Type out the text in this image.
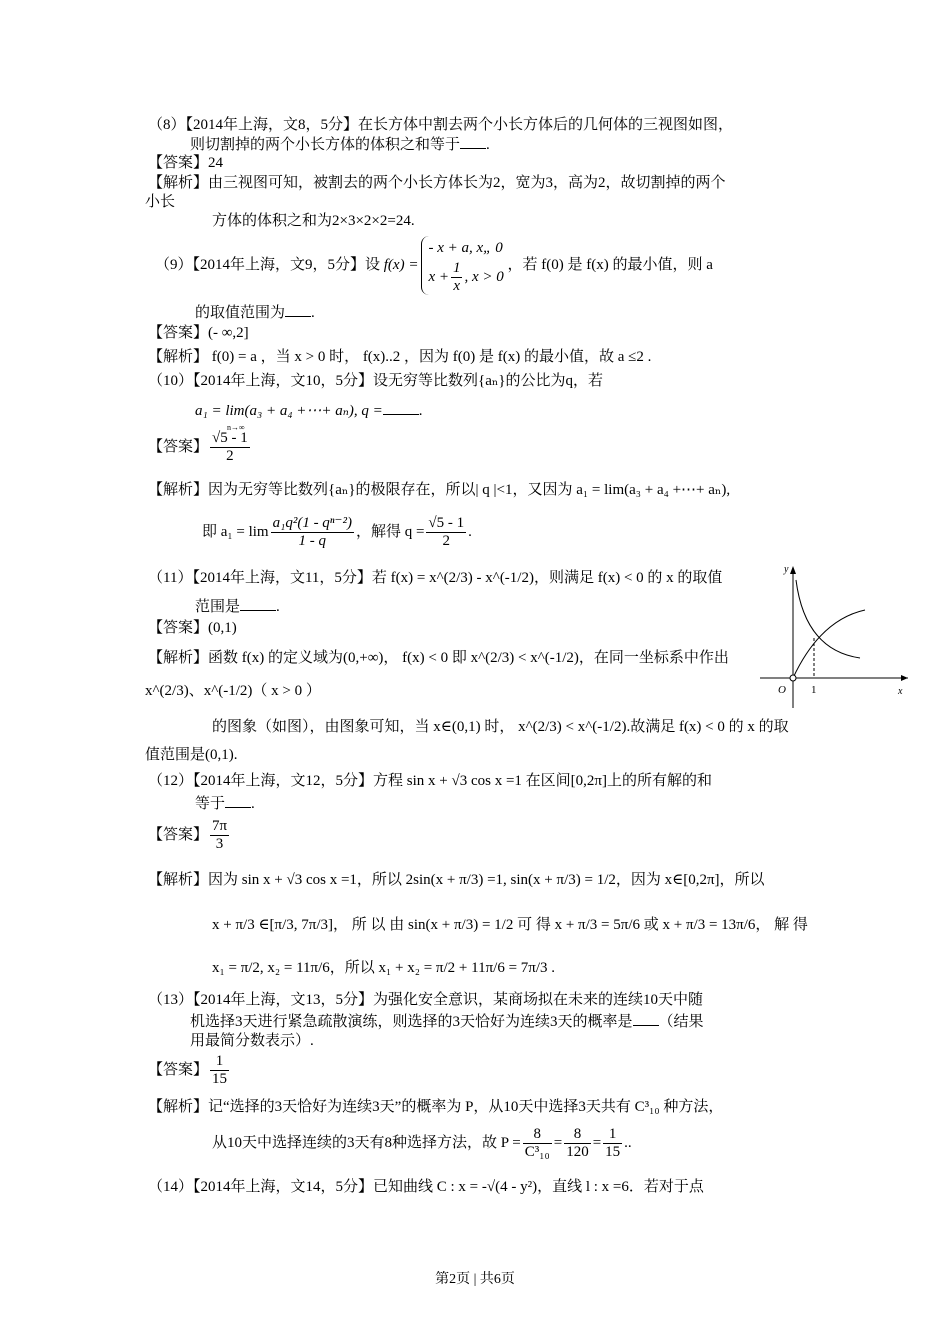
（8）【2014年上海，文8，5分】在长方体中割去两个小长方体后的几何体的三视图如图，
则切割掉的两个小长方体的体积之和等于 .
【答案】24
【解析】由三视图可知，被割去的两个小长方体长为2，宽为3，高为2，故切割掉的两个
小长
方体的体积之和为2×3×2×2=24.
（9）【2014年上海，文9，5分】设 f(x) =
- x + a, x„ 0
$x + \frac{1}{x}$ , x > 0
，若 f(0) 是 f(x) 的最小值，则 a
的取值范围为 .
【答案】(- ∞,2]
【解析】 f(0) = a ，当 x > 0 时， f(x)..2 ，因为 f(0) 是 f(x) 的最小值，故 a ≤2 .
（10）【2014年上海，文10，5分】设无穷等比数列{aₙ}的公比为q，若
a₁ = lim(a₃ + a₄ +⋯+ aₙ), q = .
n→∞
【答案】 $\frac{√5 - 1}{2}$
【解析】因为无穷等比数列{aₙ}的极限存在，所以| q |<1，又因为 a₁ = lim(a₃ + a₄ +⋯+ aₙ),
即 $a_1 = \lim \frac{\text{a₁q²(1 - qⁿ⁻²)}}{1 - q}$ ，解得 $q = \frac{√5 - 1}{2}$ .
（11）【2014年上海，文11，5分】若 f(x) = x^(2/3) - x^(-1/2)，则满足 f(x) < 0 的 x 的取值
范围是 .
【答案】(0,1)
【解析】函数 f(x) 的定义域为(0,+∞)， f(x) < 0 即 x^(2/3) < x^(-1/2)，在同一坐标系中作出
x^(2/3)、x^(-1/2)（ x > 0 ）
的图象（如图），由图象可知，当 x∈(0,1) 时， x^(2/3) < x^(-1/2).故满足 f(x) < 0 的 x 的取
值范围是(0,1).
y
x
O 1
（12）【2014年上海，文12，5分】方程 sin x + √3 cos x =1 在区间[0,2π]上的所有解的和
等于 .
【答案】 $\frac{7\pi}{3}$
【解析】因为 sin x + √3 cos x =1，所以 2sin(x + π/3) =1, sin(x + π/3) = 1/2，因为 x∈[0,2π]，所以
x + π/3 ∈[π/3, 7π/3]， 所 以 由 sin(x + π/3) = 1/2 可 得 x + π/3 = 5π/6 或 x + π/3 = 13π/6， 解 得
x₁ = π/2, x₂ = 11π/6，所以 x₁ + x₂ = π/2 + 11π/6 = 7π/3 .
（13）【2014年上海，文13，5分】为强化安全意识，某商场拟在未来的连续10天中随
机选择3天进行紧急疏散演练，则选择的3天恰好为连续3天的概率是 （结果
用最简分数表示）.
【答案】 $\frac{1}{15}$
【解析】记“选择的3天恰好为连续3天”的概率为 P，从10天中选择3天共有 C³₁₀ 种方法，
从10天中选择连续的3天有8种选择方法，故 $P = \frac{8}{\text{C³₁₀}} = \frac{8}{120} = \frac{1}{15}$ ..
（14）【2014年上海，文14，5分】已知曲线 C : x = -√(4 - y²)，直线 l : x =6．若对于点
第2页 | 共6页
